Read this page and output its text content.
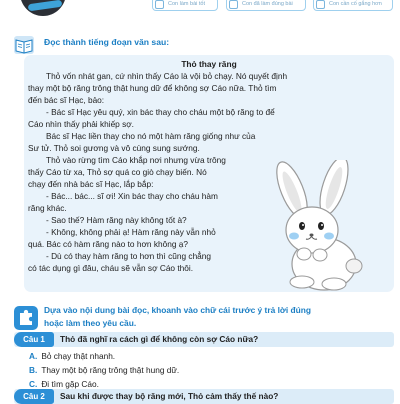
Con làm bài tốt	Con đã làm đúng bài	Con cần cố gắng hơn
Đọc thành tiếng đoạn văn sau:
Thỏ thay răng
Thỏ vốn nhát gan, cứ nhìn thấy Cáo là vội bỏ chạy. Nó quyết định
thay một bộ răng trông thật hung dữ để không sợ Cáo nữa. Thỏ tìm
đến bác sĩ Hạc, bảo:
- Bác sĩ Hạc yêu quý, xin bác thay cho cháu một bộ răng to để
Cáo nhìn thấy phải khiếp sợ.
Bác sĩ Hạc liền thay cho nó một hàm răng giống như của
Sư tử. Thỏ soi gương và vô cùng sung sướng.
Thỏ vào rừng tìm Cáo khắp nơi nhưng vừa trông
thấy Cáo từ xa, Thỏ sợ quá co giò chạy biến. Nó
chạy đến nhà bác sĩ Hạc, lắp bắp:
- Bác... bác... sĩ ơi! Xin bác thay cho cháu hàm
răng khác.
- Sao thế? Hàm răng này không tốt à?
- Không, không phải ạ! Hàm răng này vẫn nhỏ
quá. Bác có hàm răng nào to hơn không ạ?
- Dù có thay hàm răng to hơn thì cũng chẳng
có tác dụng gì đâu, cháu sẽ vẫn sợ Cáo thôi.
Dựa vào nội dung bài đọc, khoanh vào chữ cái trước ý trả lời đúng
hoặc làm theo yêu cầu.
Câu 1	Thỏ đã nghĩ ra cách gì để không còn sợ Cáo nữa?
A. Bỏ chạy thật nhanh.
B. Thay một bộ răng trông thật hung dữ.
C. Đi tìm gặp Cáo.
Câu 2	Sau khi được thay bộ răng mới, Thỏ cảm thấy thế nào?
